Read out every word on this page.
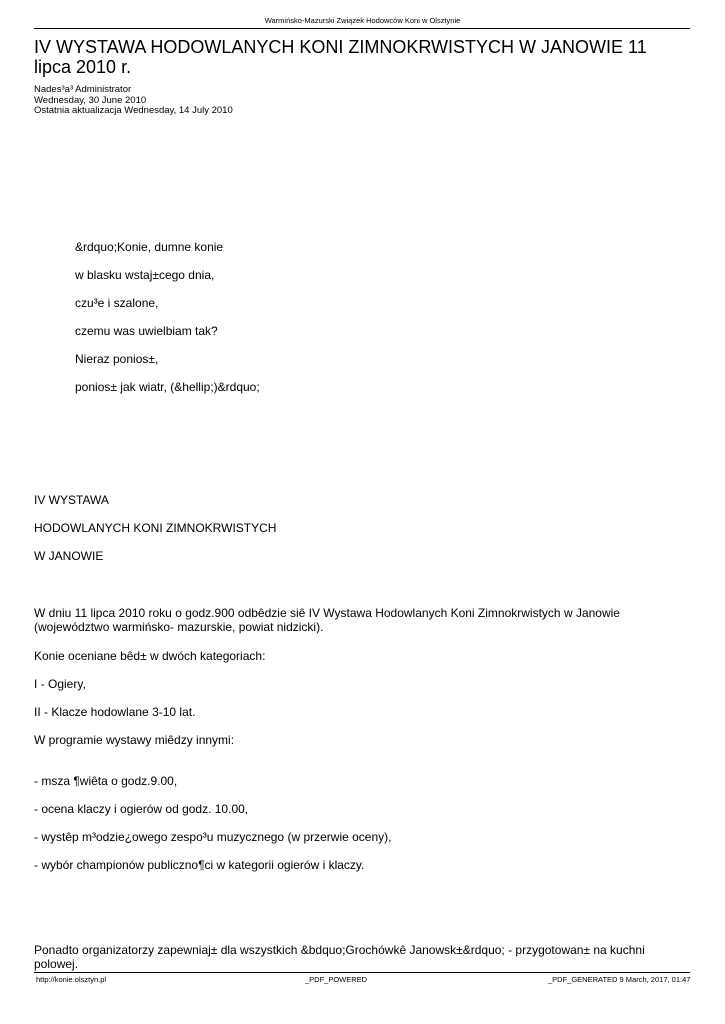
Warmińsko-Mazurski Związek Hodowców Koni w Olsztynie
IV WYSTAWA HODOWLANYCH KONI ZIMNOKRWISTYCH W JANOWIE 11 lipca 2010 r.
Nades³a³ Administrator
Wednesday, 30 June 2010
Ostatnia aktualizacja Wednesday, 14 July 2010
&rdquo;Konie, dumne konie
w blasku wstaj±cego dnia,
czu³e i szalone,
czemu was uwielbiam tak?
Nieraz ponios±,
ponios± jak wiatr, (&hellip;)&rdquo;
IV WYSTAWA
HODOWLANYCH KONI ZIMNOKRWISTYCH
W JANOWIE
W dniu 11 lipca 2010 roku o godz.900 odbêdzie siê IV Wystawa Hodowlanych Koni Zimnokrwistych w Janowie (województwo warmińsko- mazurskie, powiat nidzicki).
Konie oceniane bêd± w dwóch kategoriach:
I - Ogiery,
II - Klacze hodowlane 3-10 lat.
W programie wystawy miêdzy innymi:
- msza ¶wiêta o godz.9.00,
- ocena klaczy i ogierów od godz. 10.00,
- wystêp m³odzie¿owego zespo³u muzycznego (w przerwie oceny),
- wybór championów publiczno¶ci w kategorii ogierów i klaczy.
Ponadto organizatorzy zapewniaj± dla wszystkich &bdquo;Grochówkê Janowsk±&rdquo; - przygotowan± na kuchni polowej.
http://konie.olsztyn.pl	_PDF_POWERED	_PDF_GENERATED 9 March, 2017, 01:47
